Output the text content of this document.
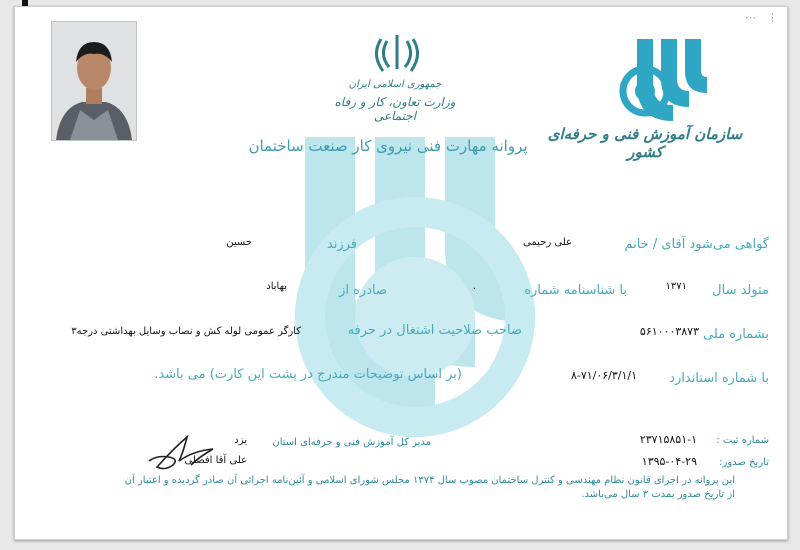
⋯ ⋮
جمهوری اسلامی ایران
وزارت تعاون، کار و رفاه اجتماعی
سازمان آموزش فنی و حرفه‌ای کشور
پروانه مهارت فنی نیروی کار صنعت ساختمان
گواهی می‌شود آقای / خانم
علی رحیمی
فرزند
حسین
متولد سال
۱۳۷۱
با شناسنامه شماره
۰
صادره از
بهاباد
بشماره ملی
۵۶۱۰۰۰۳۸۷۳
صاحب صلاحیت اشتغال در حرفه
کارگر عمومی لوله کش و نصاب وسایل بهداشتی درجه۳
با شماره استاندارد
۸-۷۱/۰۶/۳/۱/۱
(بر اساس توضیحات مندرج در پشت این کارت) می باشد.
شماره ثبت :
۲۳۷۱۵۸۵۱-۱
تاریخ صدور:
۱۳۹۵-۰۴-۲۹
مدیر کل آموزش فنی و حرفه‌ای استان
یزد
علی آقا افضلی
این پروانه در اجرای قانون نظام مهندسی و کنترل ساختمان مصوب سال ۱۳۷۴ مجلس شورای اسلامی و آئین‌نامه اجرائی آن صادر گردیده و اعتبار آن از تاریخ صدور بمدت ۳ سال می‌باشد.
